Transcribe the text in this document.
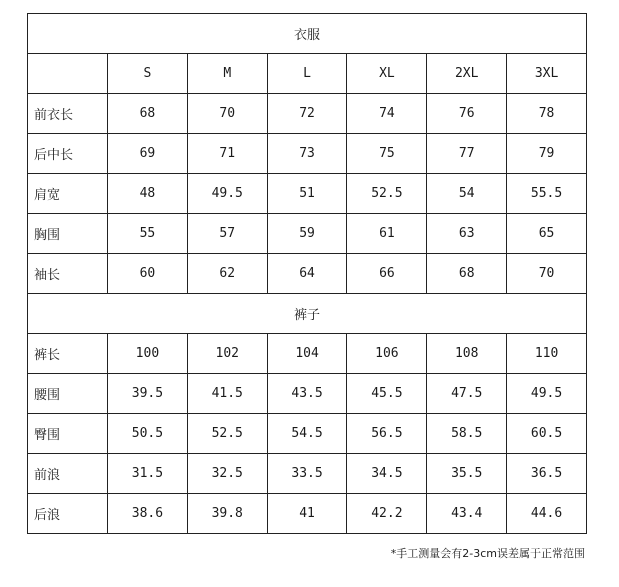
衣服						
	S	M	L	XL	2XL	3XL
前衣长	68	70	72	74	76	78
后中长	69	71	73	75	77	79
肩宽	48	49.5	51	52.5	54	55.5
胸围	55	57	59	61	63	65
袖长	60	62	64	66	68	70
裤子						
裤长	100	102	104	106	108	110
腰围	39.5	41.5	43.5	45.5	47.5	49.5
臀围	50.5	52.5	54.5	56.5	58.5	60.5
前浪	31.5	32.5	33.5	34.5	35.5	36.5
后浪	38.6	39.8	41	42.2	43.4	44.6
*手工测量会有2-3cm误差属于正常范围
